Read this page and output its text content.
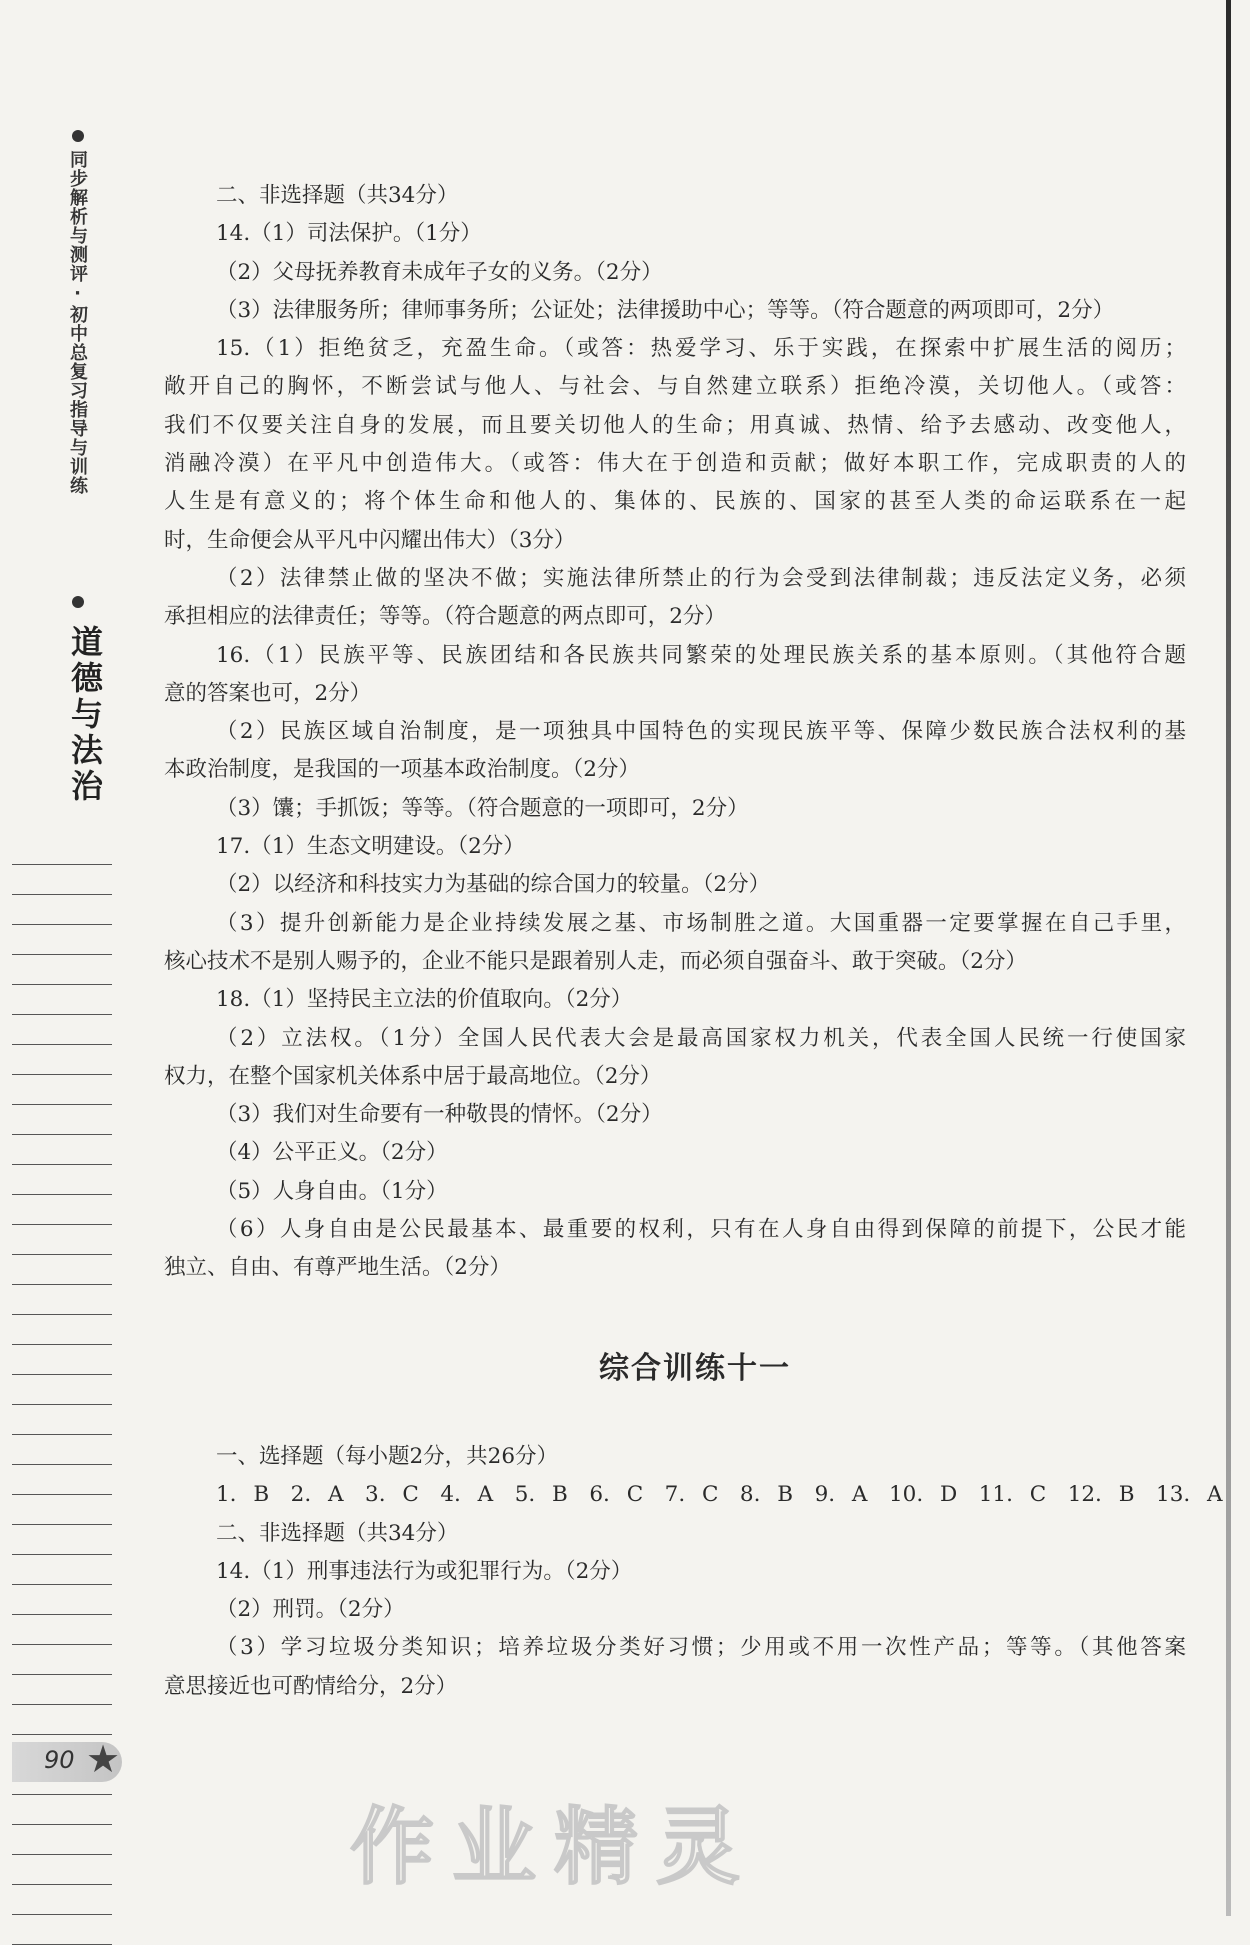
同步解析与测评·初中总复习指导与训练
道德与法治
二、非选择题（共34分）
14.（1）司法保护。（1分）
（2）父母抚养教育未成年子女的义务。（2分）
（3）法律服务所；律师事务所；公证处；法律援助中心；等等。（符合题意的两项即可，2分）
15.（1）拒绝贫乏，充盈生命。（或答：热爱学习、乐于实践，在探索中扩展生活的阅历；
敞开自己的胸怀，不断尝试与他人、与社会、与自然建立联系）拒绝冷漠，关切他人。（或答：
我们不仅要关注自身的发展，而且要关切他人的生命；用真诚、热情、给予去感动、改变他人，
消融冷漠）在平凡中创造伟大。（或答：伟大在于创造和贡献；做好本职工作，完成职责的人的
人生是有意义的；将个体生命和他人的、集体的、民族的、国家的甚至人类的命运联系在一起
时，生命便会从平凡中闪耀出伟大）（3分）
（2）法律禁止做的坚决不做；实施法律所禁止的行为会受到法律制裁；违反法定义务，必须
承担相应的法律责任；等等。（符合题意的两点即可，2分）
16.（1）民族平等、民族团结和各民族共同繁荣的处理民族关系的基本原则。（其他符合题
意的答案也可，2分）
（2）民族区域自治制度，是一项独具中国特色的实现民族平等、保障少数民族合法权利的基
本政治制度，是我国的一项基本政治制度。（2分）
（3）馕；手抓饭；等等。（符合题意的一项即可，2分）
17.（1）生态文明建设。（2分）
（2）以经济和科技实力为基础的综合国力的较量。（2分）
（3）提升创新能力是企业持续发展之基、市场制胜之道。大国重器一定要掌握在自己手里，
核心技术不是别人赐予的，企业不能只是跟着别人走，而必须自强奋斗、敢于突破。（2分）
18.（1）坚持民主立法的价值取向。（2分）
（2）立法权。（1分）全国人民代表大会是最高国家权力机关，代表全国人民统一行使国家
权力，在整个国家机关体系中居于最高地位。（2分）
（3）我们对生命要有一种敬畏的情怀。（2分）
（4）公平正义。（2分）
（5）人身自由。（1分）
（6）人身自由是公民最基本、最重要的权利，只有在人身自由得到保障的前提下，公民才能
独立、自由、有尊严地生活。（2分）
综合训练十一
一、选择题（每小题2分，共26分）
1. B　2. A　3. C　4. A　5. B　6. C　7. C　8. B　9. A　10. D　11. C　12. B　13. A
二、非选择题（共34分）
14.（1）刑事违法行为或犯罪行为。（2分）
（2）刑罚。（2分）
（3）学习垃圾分类知识；培养垃圾分类好习惯；少用或不用一次性产品；等等。（其他答案
意思接近也可酌情给分，2分）
90 ★
作业精灵
